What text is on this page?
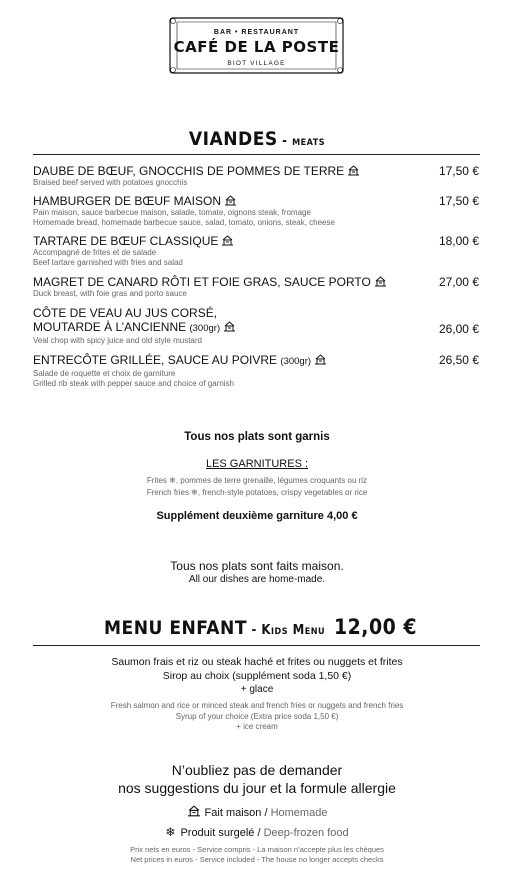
BAR • RESTAURANT
CAFÉ DE LA POSTE
BIOT VILLAGE
VIANDES - meats
DAUBE DE BŒUF, GNOCCHIS DE POMMES DE TERRE
Braised beef served with potatoes gnocchis
17,50 €
HAMBURGER DE BŒUF MAISON
Pain maison, sauce barbecue maison, salade, tomate, oignons steak, fromage
Homemade bread, homemade barbecue sauce, salad, tomato, onions, steak, cheese
17,50 €
TARTARE DE BŒUF CLASSIQUE
Accompagné de frites et de salade
Beef tartare garnished with fries and salad
18,00 €
MAGRET DE CANARD RÔTI ET FOIE GRAS, SAUCE PORTO
Duck breast, with foie gras and porto sauce
27,00 €
CÔTE DE VEAU AU JUS CORSÉ,
MOUTARDE À L’ANCIENNE (300gr)
Veal chop with spicy juice and old style mustard
26,00 €
ENTRECÔTE GRILLÉE, SAUCE AU POIVRE (300gr)
Salade de roquette et choix de garniture
Grilled rib steak with pepper sauce and choice of garnish
26,50 €
Tous nos plats sont garnis
LES GARNITURES :
Frites ❄, pommes de terre grenaille, légumes croquants ou riz
French fries ❄, french-style potatoes, crispy vegetables or rice
Supplément deuxième garniture 4,00 €
Tous nos plats sont faits maison.
All our dishes are home-made.
MENU ENFANT - Kids Menu 12,00 €
Saumon frais et riz ou steak haché et frites ou nuggets et frites
Sirop au choix (supplément soda 1,50 €)
+ glace
Fresh salmon and rice or minced steak and french fries or nuggets and french fries
Syrup of your choice (Extra price soda 1,50 €)
+ ice cream
N’oubliez pas de demander
nos suggestions du jour et la formule allergie
Fait maison / Homemade
❄ Produit surgelé / Deep-frozen food
Prix nets en euros - Service compris - La maison n’accepte plus les chèques
Net prices in euros - Service included - The house no longer accepts checks
